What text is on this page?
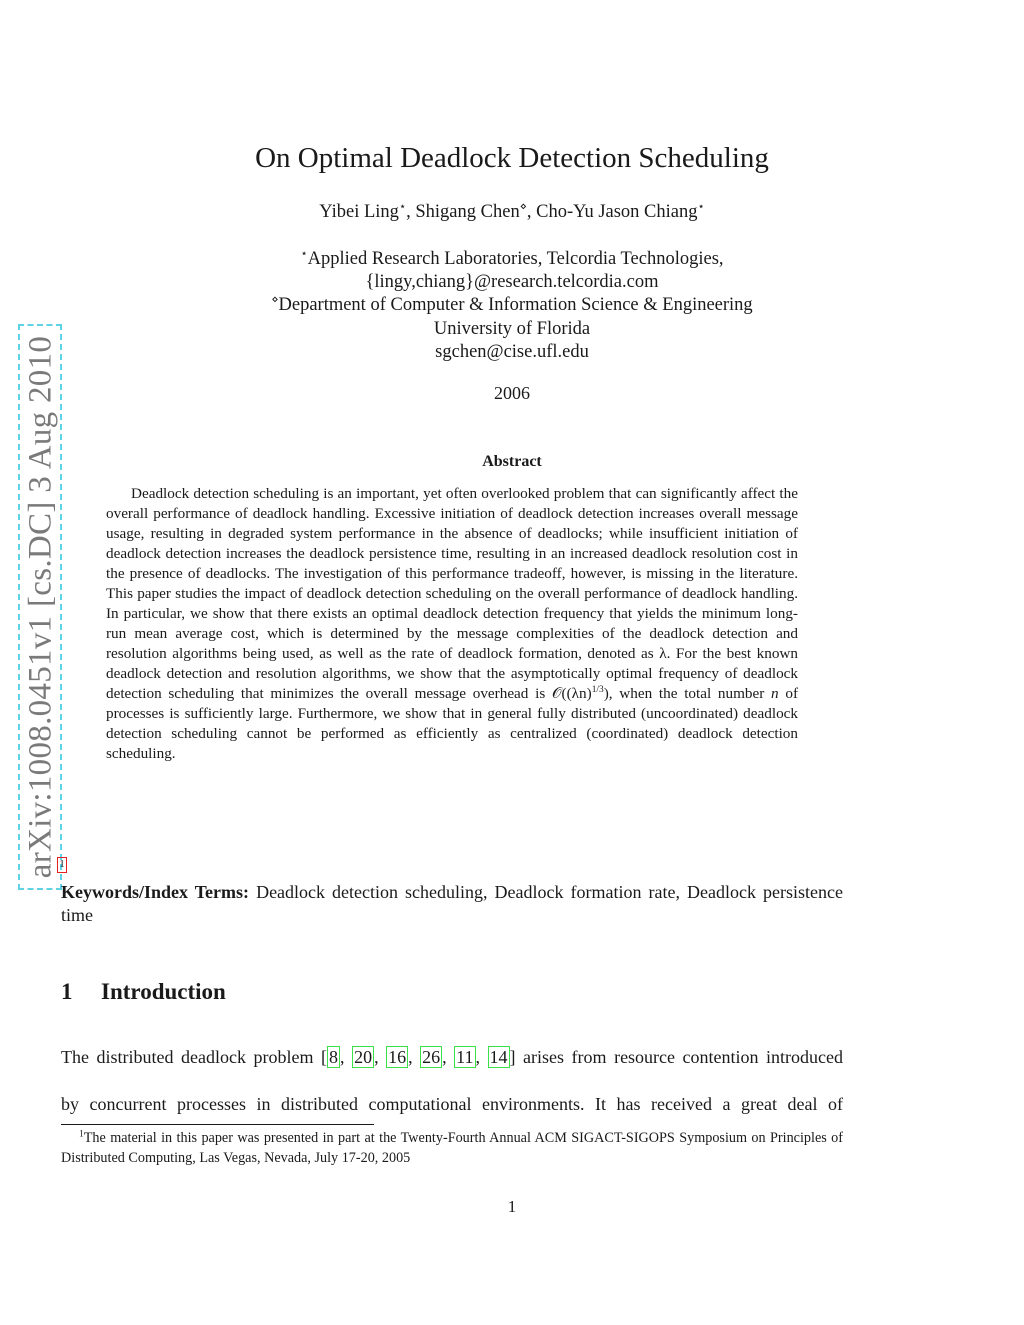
arXiv:1008.0451v1 [cs.DC] 3 Aug 2010
On Optimal Deadlock Detection Scheduling
Yibei Ling⋆, Shigang Chen⋄, Cho-Yu Jason Chiang⋆
⋆Applied Research Laboratories, Telcordia Technologies,
{lingy,chiang}@research.telcordia.com
⋄Department of Computer & Information Science & Engineering
University of Florida
sgchen@cise.ufl.edu
2006
Abstract
Deadlock detection scheduling is an important, yet often overlooked problem that can significantly affect the overall performance of deadlock handling. Excessive initiation of deadlock detection increases overall message usage, resulting in degraded system performance in the absence of deadlocks; while insufficient initiation of deadlock detection increases the deadlock persistence time, resulting in an increased deadlock resolution cost in the presence of deadlocks. The investigation of this performance tradeoff, however, is missing in the literature. This paper studies the impact of deadlock detection scheduling on the overall performance of deadlock handling. In particular, we show that there exists an optimal deadlock detection frequency that yields the minimum long-run mean average cost, which is determined by the message complexities of the deadlock detection and resolution algorithms being used, as well as the rate of deadlock formation, denoted as λ. For the best known deadlock detection and resolution algorithms, we show that the asymptotically optimal frequency of deadlock detection scheduling that minimizes the overall message overhead is $𝒪((\lambda n)^{1/3})$, when the total number n of processes is sufficiently large. Furthermore, we show that in general fully distributed (uncoordinated) deadlock detection scheduling cannot be performed as efficiently as centralized (coordinated) deadlock detection scheduling.
1
Keywords/Index Terms: Deadlock detection scheduling, Deadlock formation rate, Deadlock persistence time
1 Introduction
The distributed deadlock problem [ 8 , 20 , 16 , 26 , 11 , 14 ] arises from resource contention introduced
by concurrent processes in distributed computational environments. It has received a great deal of
$^1$The material in this paper was presented in part at the Twenty-Fourth Annual ACM SIGACT-SIGOPS Symposium on Principles of Distributed Computing, Las Vegas, Nevada, July 17-20, 2005
1
